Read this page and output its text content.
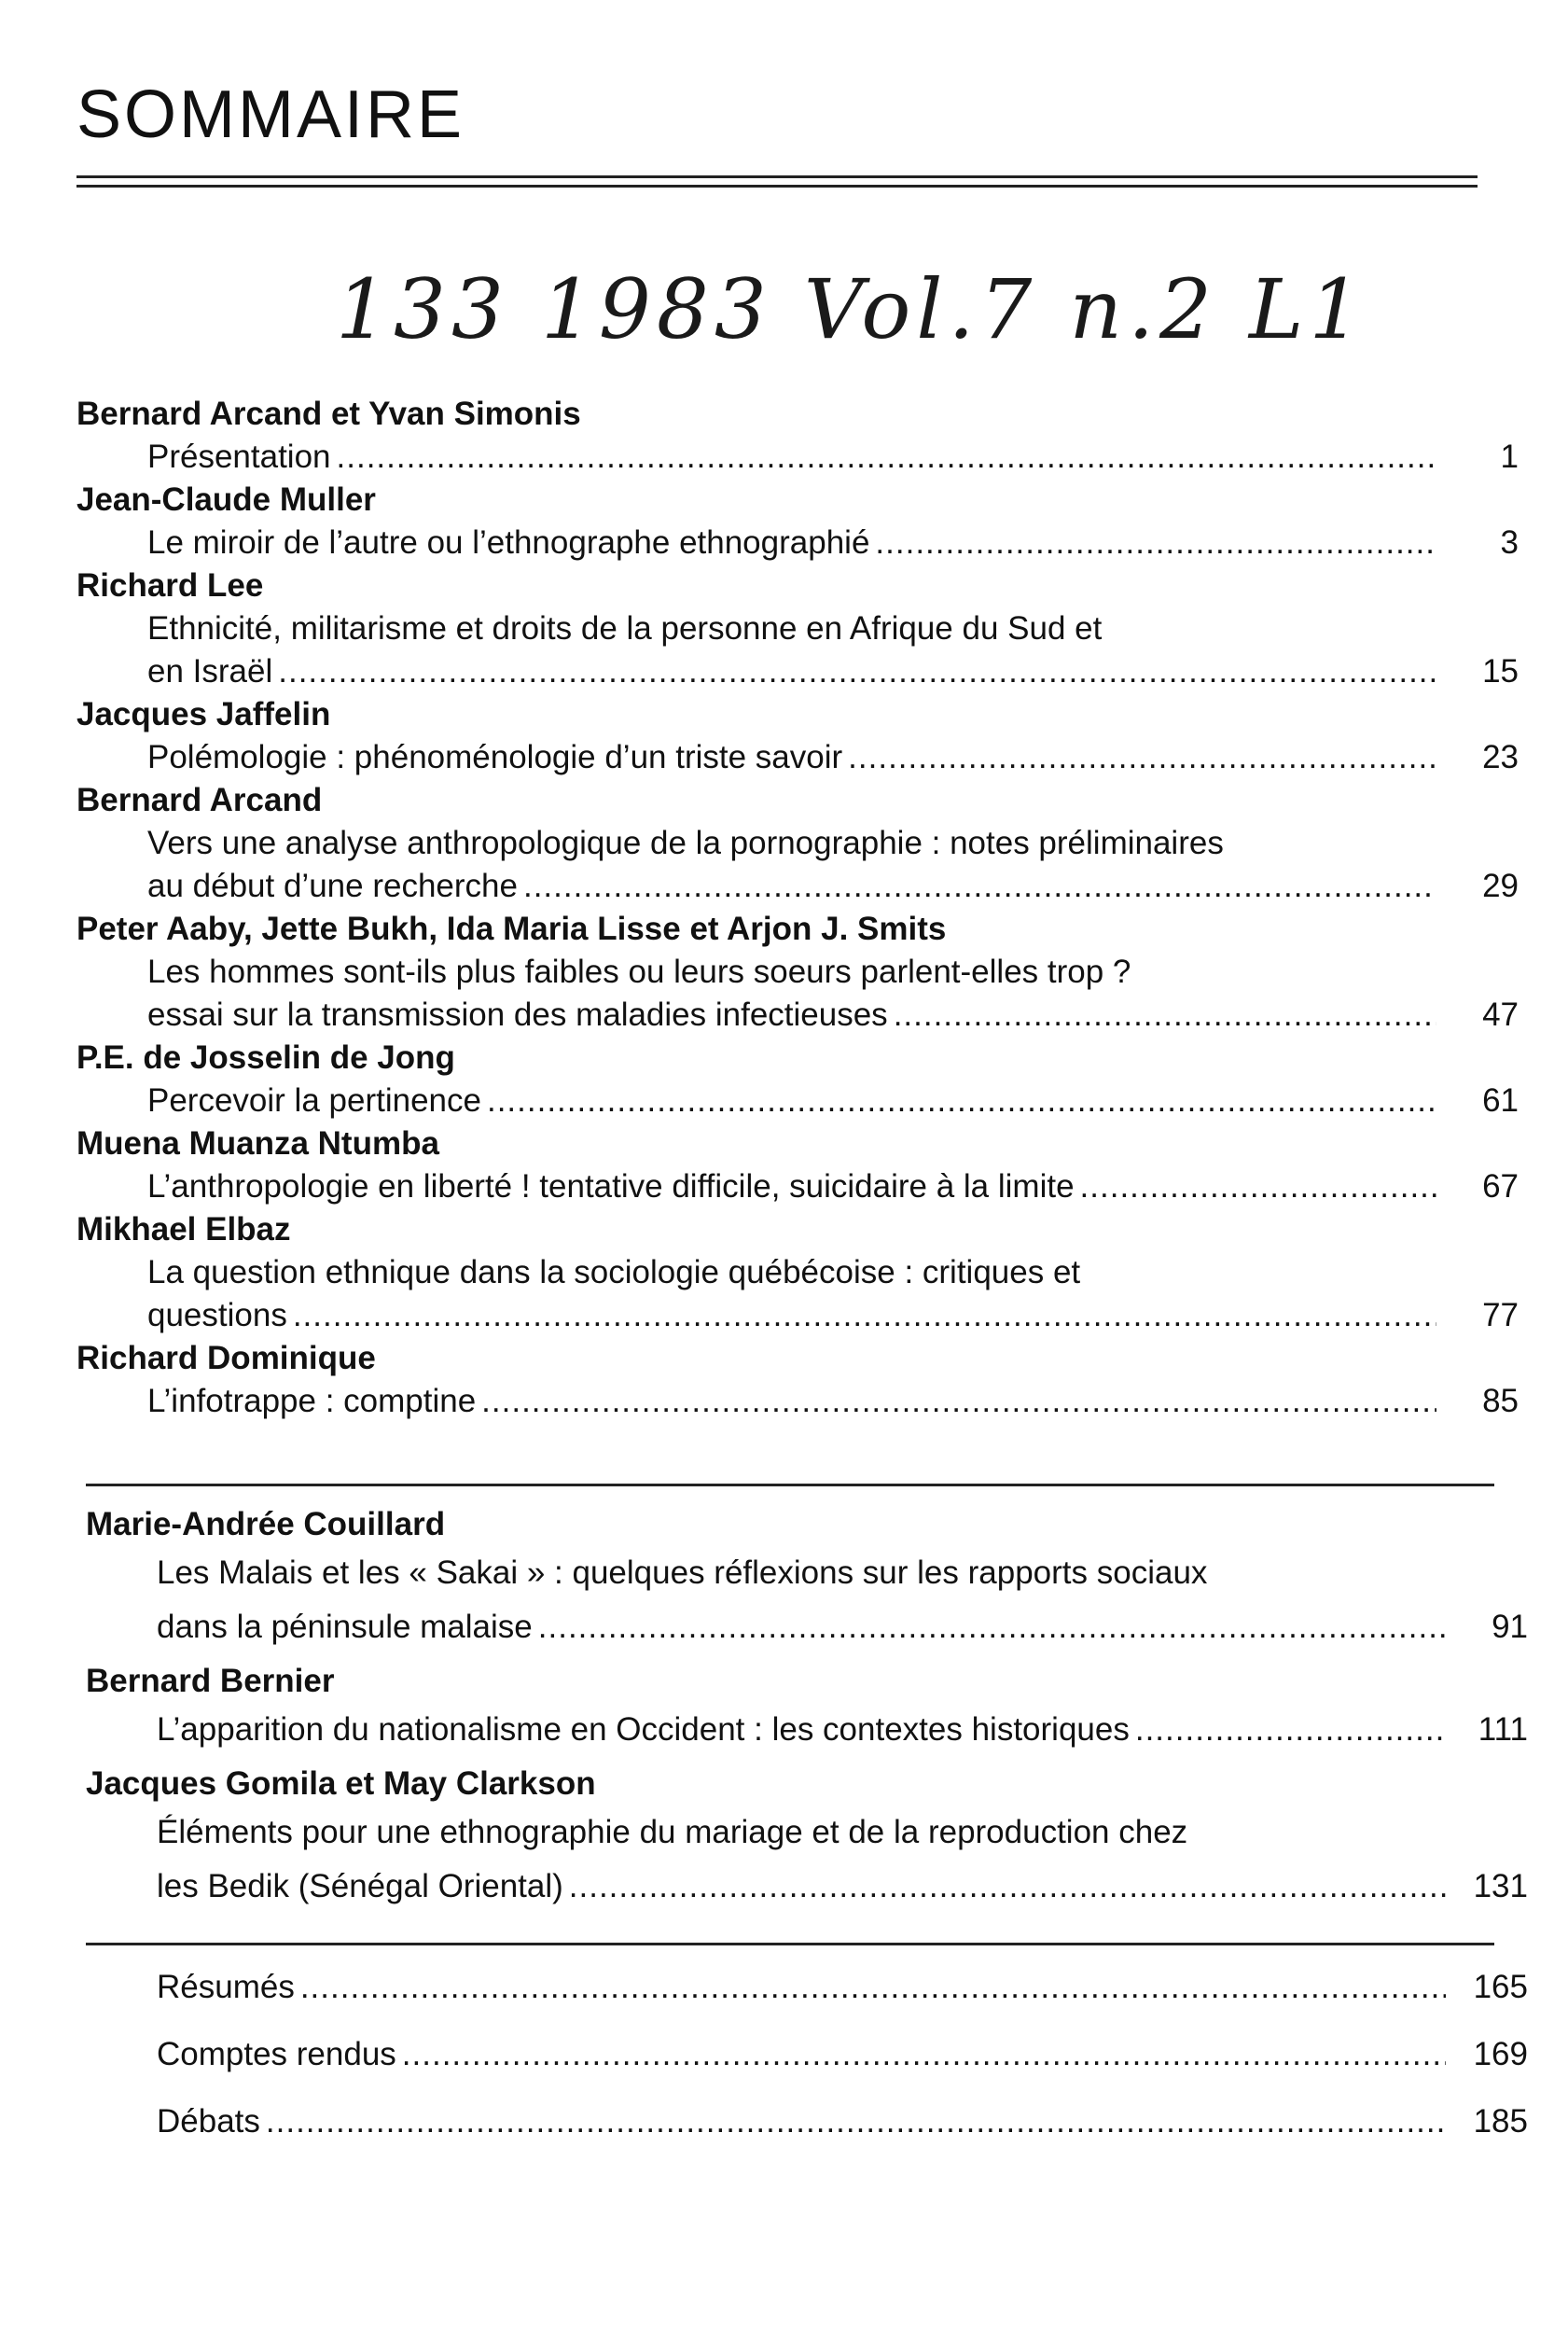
SOMMAIRE
133 1983 Vol.7 n.2 L1
Bernard Arcand et Yvan Simonis
Présentation .....	1
Jean-Claude Muller
Le miroir de l’autre ou l’ethnographe ethnographié .....	3
Richard Lee
Ethnicité, militarisme et droits de la personne en Afrique du Sud et
en Israël .....	15
Jacques Jaffelin
Polémologie : phénoménologie d’un triste savoir .....	23
Bernard Arcand
Vers une analyse anthropologique de la pornographie : notes préliminaires
au début d’une recherche .....	29
Peter Aaby, Jette Bukh, Ida Maria Lisse et Arjon J. Smits
Les hommes sont-ils plus faibles ou leurs soeurs parlent-elles trop ?
essai sur la transmission des maladies infectieuses .....	47
P.E. de Josselin de Jong
Percevoir la pertinence .....	61
Muena Muanza Ntumba
L’anthropologie en liberté ! tentative difficile, suicidaire à la limite .....	67
Mikhael Elbaz
La question ethnique dans la sociologie québécoise : critiques et
questions .....	77
Richard Dominique
L’infotrappe : comptine .....	85
Marie-Andrée Couillard
Les Malais et les « Sakai » : quelques réflexions sur les rapports sociaux
dans la péninsule malaise .....	91
Bernard Bernier
L’apparition du nationalisme en Occident : les contextes historiques .....	111
Jacques Gomila et May Clarkson
Éléments pour une ethnographie du mariage et de la reproduction chez
les Bedik (Sénégal Oriental) .....	131
Résumés .....	165
Comptes rendus .....	169
Débats .....	185
